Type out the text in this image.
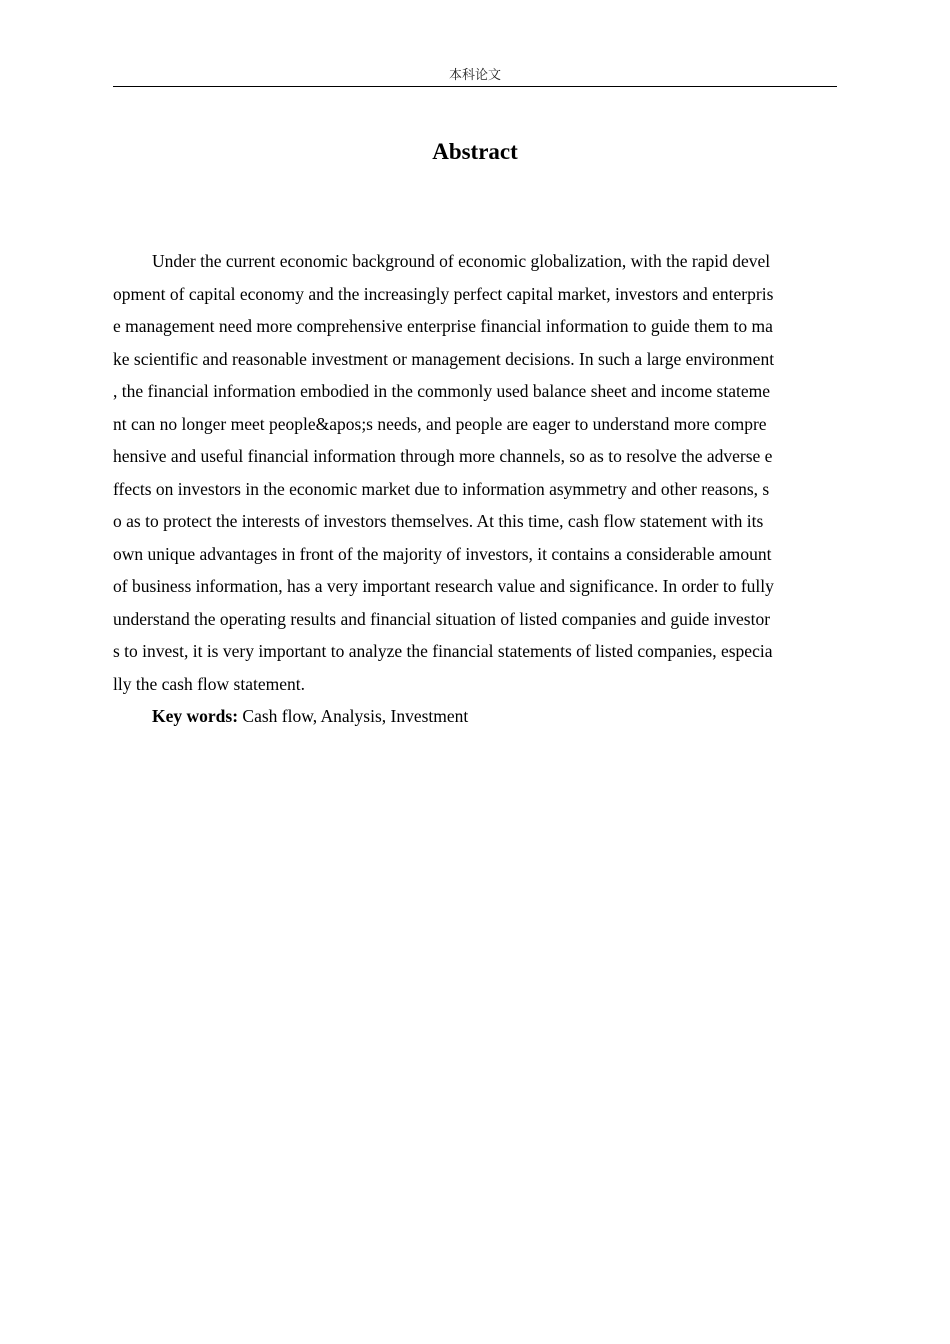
本科论文
Abstract
Under the current economic background of economic globalization, with the rapid devel
opment of capital economy and the increasingly perfect capital market, investors and enterpris
e management need more comprehensive enterprise financial information to guide them to ma
ke scientific and reasonable investment or management decisions. In such a large environment
, the financial information embodied in the commonly used balance sheet and income stateme
nt can no longer meet people&apos;s needs, and people are eager to understand more compre
hensive and useful financial information through more channels, so as to resolve the adverse e
ffects on investors in the economic market due to information asymmetry and other reasons, s
o as to protect the interests of investors themselves. At this time, cash flow statement with its
own unique advantages in front of the majority of investors, it contains a considerable amount
of business information, has a very important research value and significance. In order to fully
understand the operating results and financial situation of listed companies and guide investor
s to invest, it is very important to analyze the financial statements of listed companies, especia
lly the cash flow statement.
Key words: Cash flow, Analysis, Investment
